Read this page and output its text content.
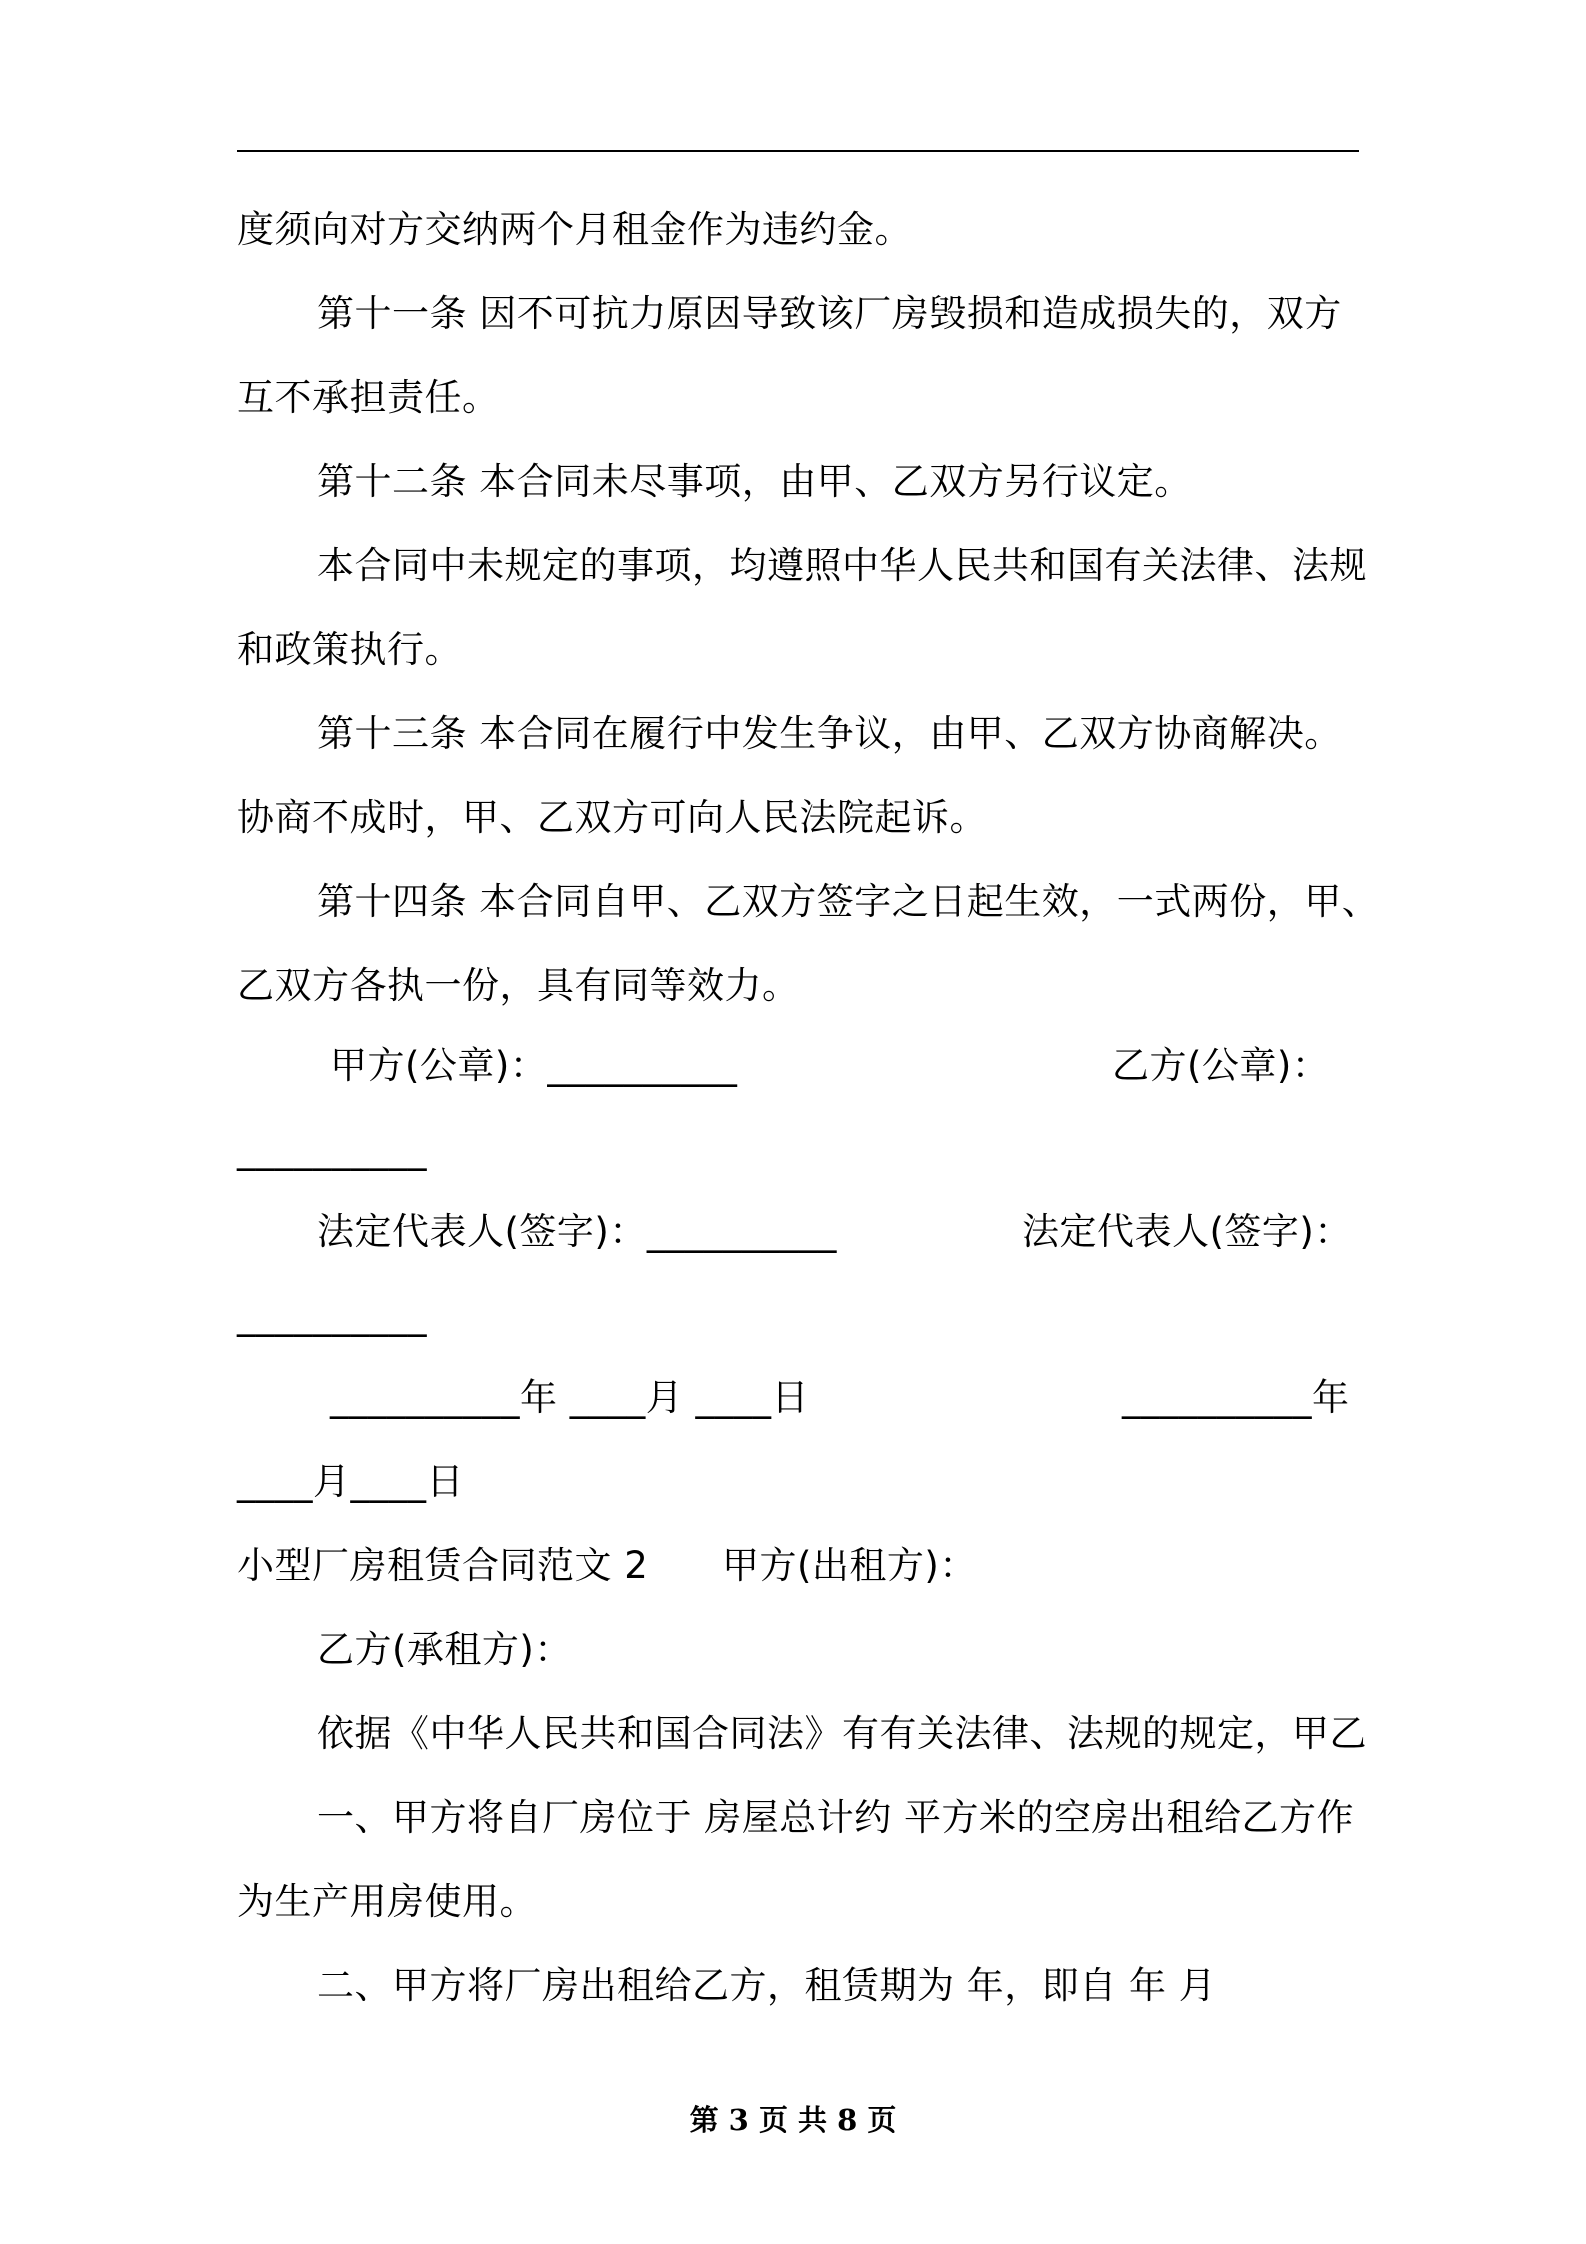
度须向对方交纳两个月租金作为违约金。
第十一条 因不可抗力原因导致该厂房毁损和造成损失的，双方
互不承担责任。
第十二条 本合同未尽事项，由甲、乙双方另行议定。
本合同中未规定的事项，均遵照中华人民共和国有关法律、法规
和政策执行。
第十三条 本合同在履行中发生争议，由甲、乙双方协商解决。
协商不成时，甲、乙双方可向人民法院起诉。
第十四条 本合同自甲、乙双方签字之日起生效，一式两份，甲、
乙双方各执一份，具有同等效力。
甲方(公章)：__________	乙方(公章)：
__________
法定代表人(签字)：__________	法定代表人(签字)：
__________
__________年 ____月 ____日	__________年
____月____日
小型厂房租赁合同范文 2 甲方(出租方)：
乙方(承租方)：
依据《中华人民共和国合同法》有有关法律、法规的规定，甲乙
一、甲方将自厂房位于 房屋总计约 平方米的空房出租给乙方作
为生产用房使用。
二、甲方将厂房出租给乙方，租赁期为 年，即自 年 月
第 3 页 共 8 页
